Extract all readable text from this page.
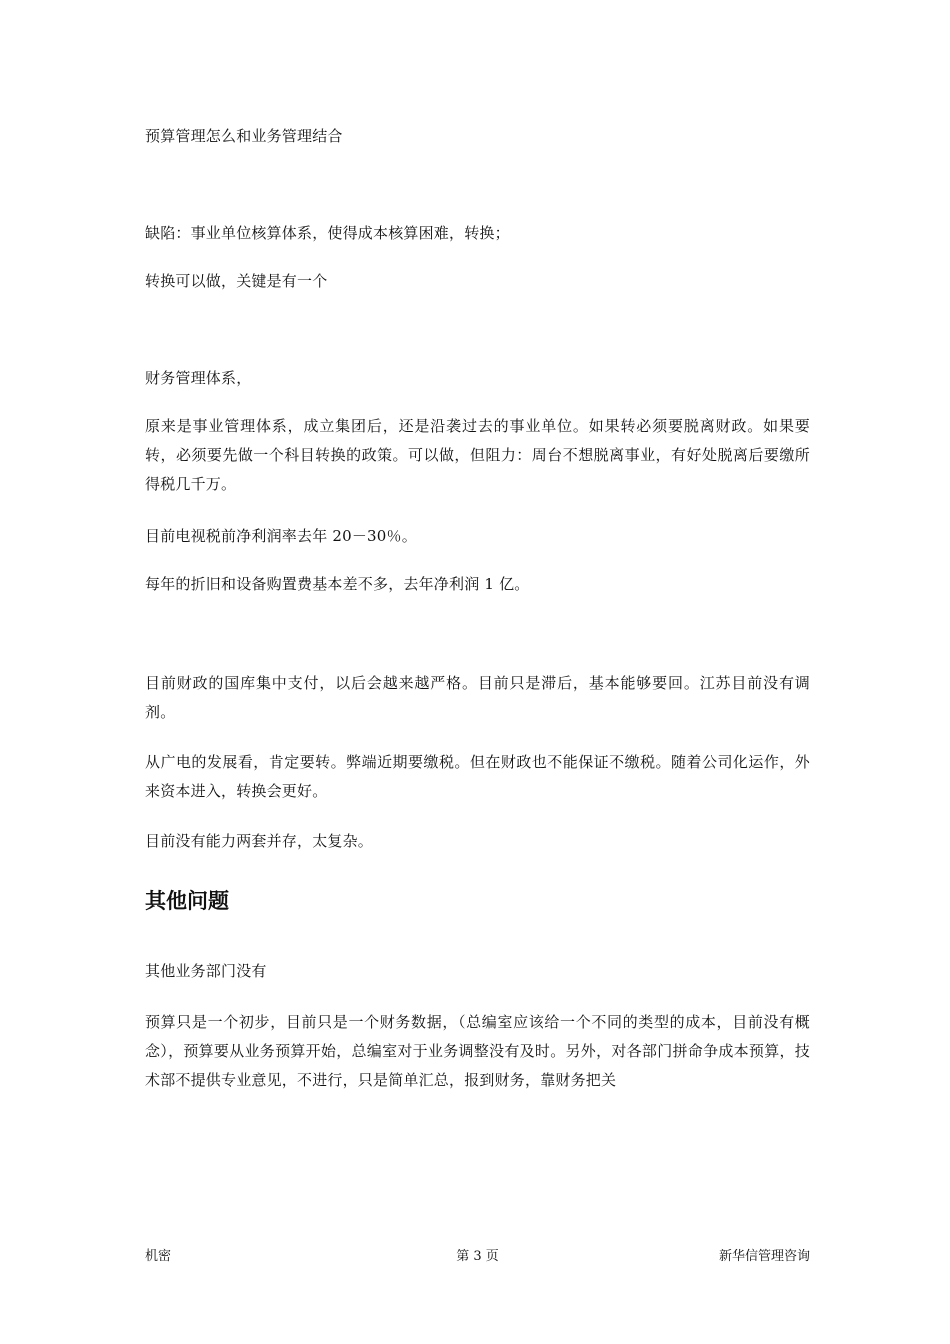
预算管理怎么和业务管理结合

缺陷：事业单位核算体系，使得成本核算困难，转换；

转换可以做，关键是有一个

财务管理体系，

原来是事业管理体系，成立集团后，还是沿袭过去的事业单位。如果转必须要脱离财政。如果要转，必须要先做一个科目转换的政策。可以做，但阻力：周台不想脱离事业，有好处脱离后要缴所得税几千万。

目前电视税前净利润率去年 20－30％。

每年的折旧和设备购置费基本差不多，去年净利润 1 亿。

目前财政的国库集中支付，以后会越来越严格。目前只是滞后，基本能够要回。江苏目前没有调剂。

从广电的发展看，肯定要转。弊端近期要缴税。但在财政也不能保证不缴税。随着公司化运作，外来资本进入，转换会更好。

目前没有能力两套并存，太复杂。

其他问题

其他业务部门没有

预算只是一个初步，目前只是一个财务数据，（总编室应该给一个不同的类型的成本，目前没有概念），预算要从业务预算开始，总编室对于业务调整没有及时。另外，对各部门拼命争成本预算，技术部不提供专业意见，不进行，只是简单汇总，报到财务，靠财务把关

机密	第 3 页	新华信管理咨询
